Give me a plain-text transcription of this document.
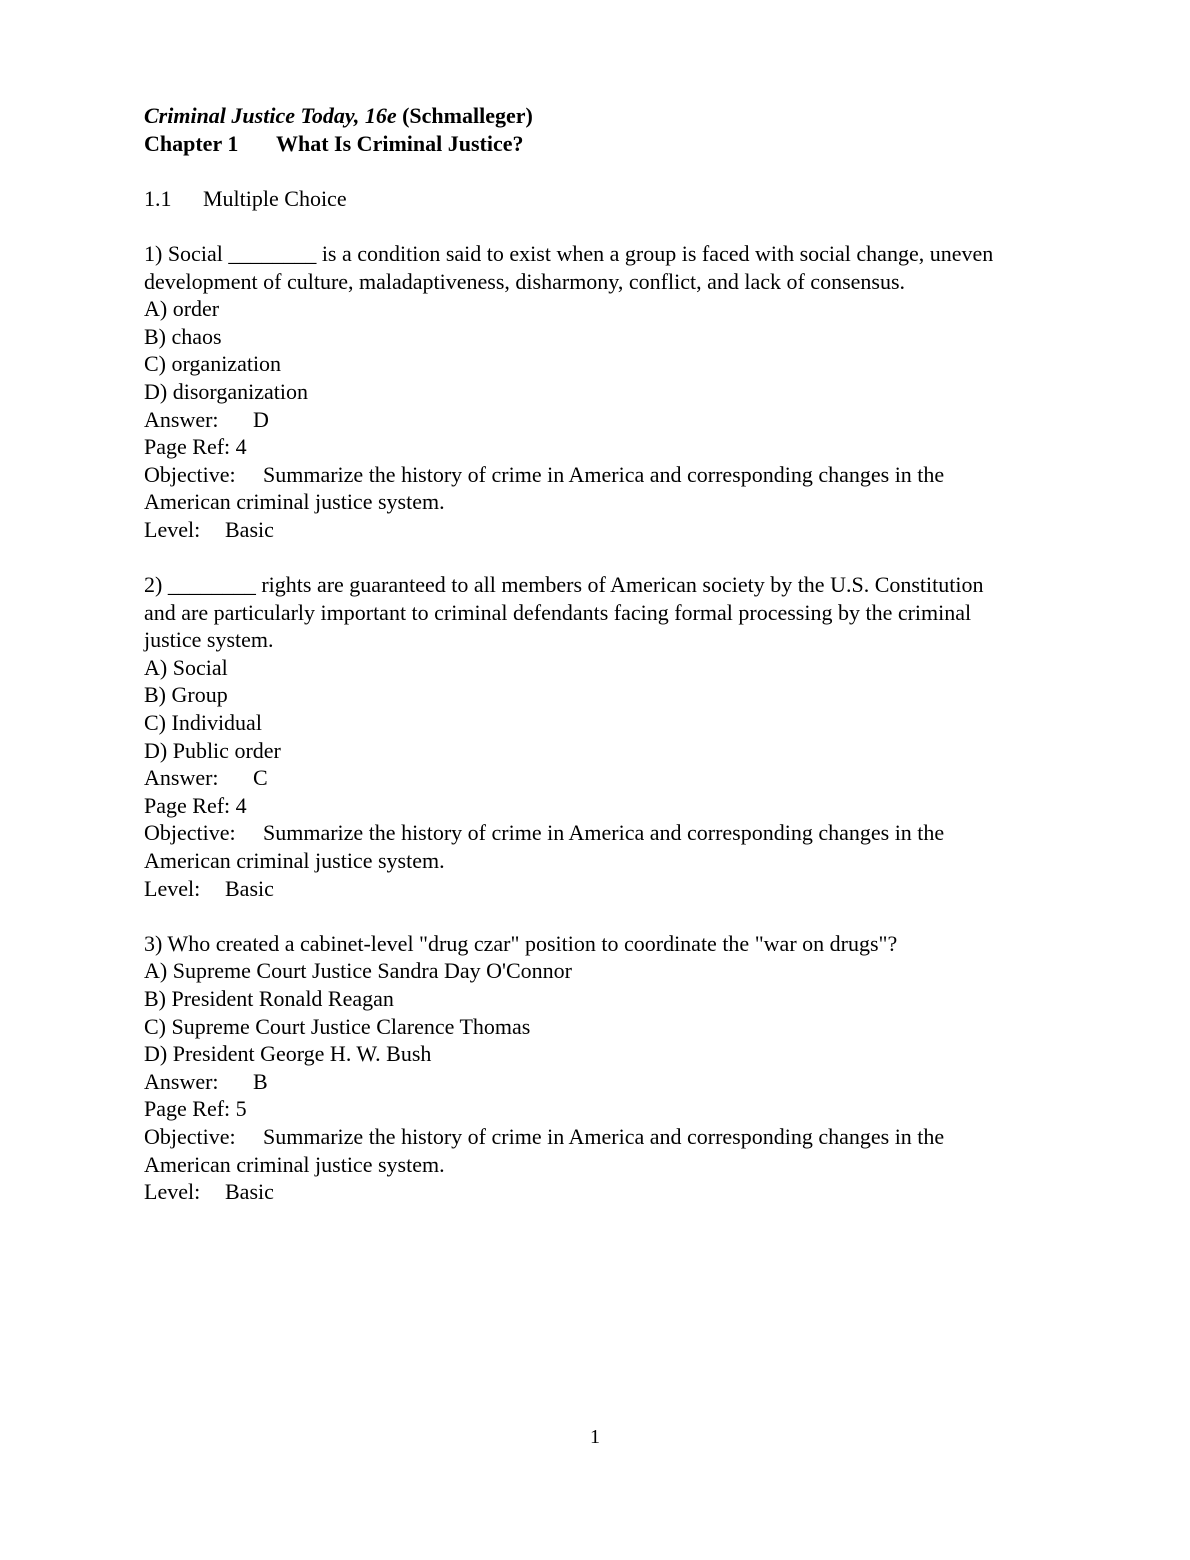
Criminal Justice Today, 16e (Schmalleger)
Chapter 1 What Is Criminal Justice?
1.1 Multiple Choice
1) Social ________ is a condition said to exist when a group is faced with social change, uneven
development of culture, maladaptiveness, disharmony, conflict, and lack of consensus.
A) order
B) chaos
C) organization
D) disorganization
Answer: D
Page Ref: 4
Objective: Summarize the history of crime in America and corresponding changes in the
American criminal justice system.
Level: Basic
2) ________ rights are guaranteed to all members of American society by the U.S. Constitution
and are particularly important to criminal defendants facing formal processing by the criminal
justice system.
A) Social
B) Group
C) Individual
D) Public order
Answer: C
Page Ref: 4
Objective: Summarize the history of crime in America and corresponding changes in the
American criminal justice system.
Level: Basic
3) Who created a cabinet-level "drug czar" position to coordinate the "war on drugs"?
A) Supreme Court Justice Sandra Day O'Connor
B) President Ronald Reagan
C) Supreme Court Justice Clarence Thomas
D) President George H. W. Bush
Answer: B
Page Ref: 5
Objective: Summarize the history of crime in America and corresponding changes in the
American criminal justice system.
Level: Basic
1
